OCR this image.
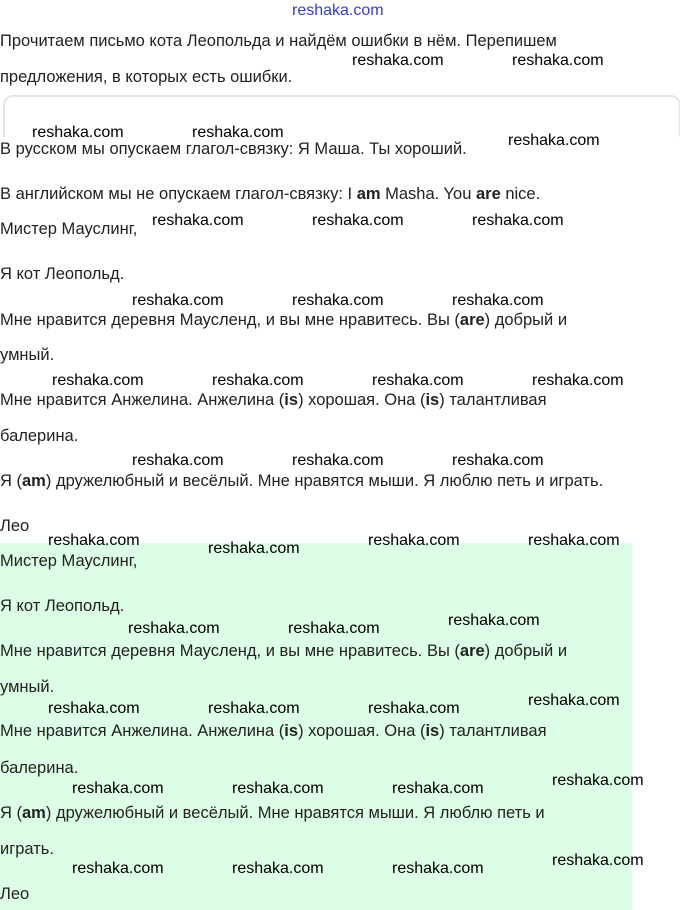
reshaka.com
Прочитаем письмо кота Леопольда и найдём ошибки в нём. Перепишем
предложения, в которых есть ошибки.
В русском мы опускаем глагол-связку: Я Маша. Ты хороший.
В английском мы не опускаем глагол-связку: I am Masha. You are nice.
Мистер Мауслинг,
Я кот Леопольд.
Мне нравится деревня Маусленд, и вы мне нравитесь. Вы (are) добрый и
умный.
Мне нравится Анжелина. Анжелина (is) хорошая. Она (is) талантливая
балерина.
Я (am) дружелюбный и весёлый. Мне нравятся мыши. Я люблю петь и играть.
Лео
Мистер Мауслинг,
Я кот Леопольд.
Мне нравится деревня Маусленд, и вы мне нравитесь. Вы (are) добрый и
умный.
Мне нравится Анжелина. Анжелина (is) хорошая. Она (is) талантливая
балерина.
Я (am) дружелюбный и весёлый. Мне нравятся мыши. Я люблю петь и
играть.
Лео
reshaka.com	reshaka.com
reshaka.com	reshaka.com	reshaka.com
reshaka.com	reshaka.com	reshaka.com
reshaka.com	reshaka.com	reshaka.com
reshaka.com	reshaka.com	reshaka.com	reshaka.com
reshaka.com	reshaka.com	reshaka.com
reshaka.com	reshaka.com	reshaka.com	reshaka.com
reshaka.com	reshaka.com	reshaka.com
reshaka.com
reshaka.com	reshaka.com	reshaka.com
reshaka.com
reshaka.com	reshaka.com	reshaka.com
reshaka.com
reshaka.com	reshaka.com	reshaka.com
